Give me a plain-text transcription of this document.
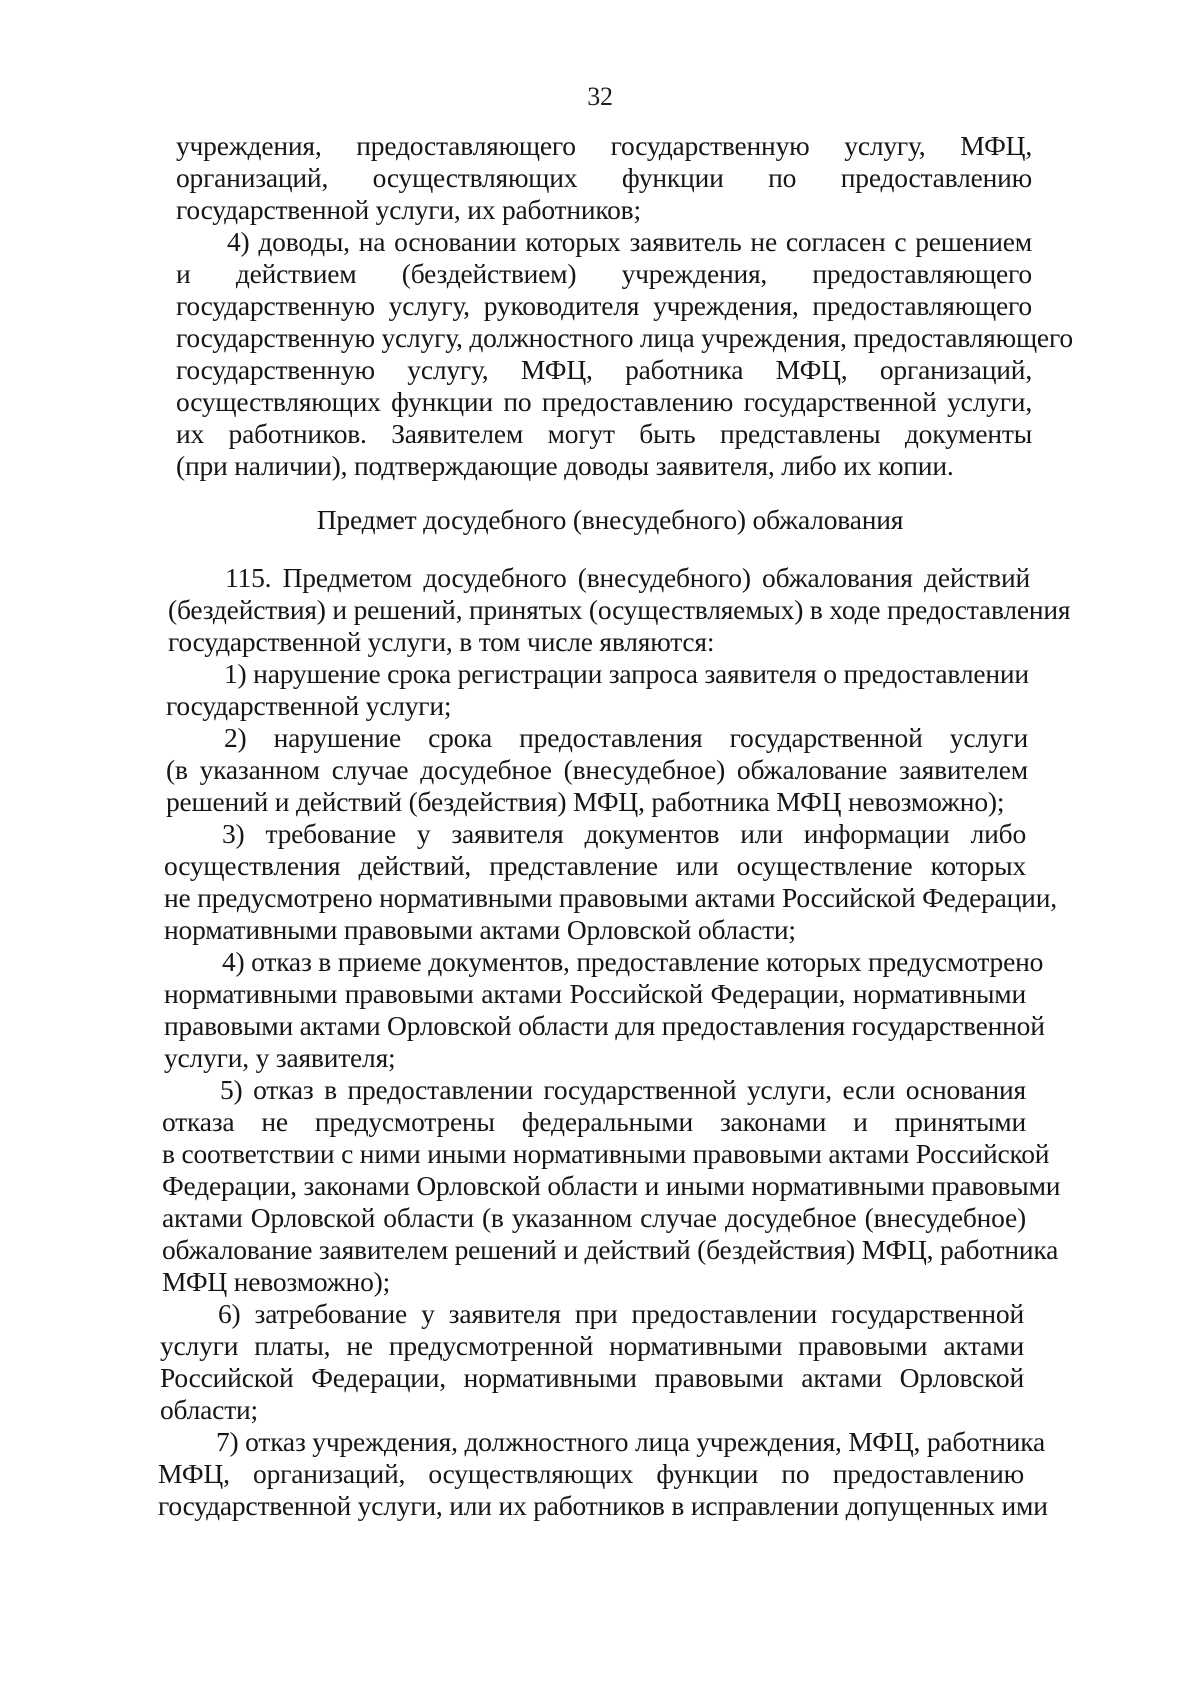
32
учреждения, предоставляющего государственную услугу, МФЦ,
организаций, осуществляющих функции по предоставлению
государственной услуги, их работников;
4) доводы, на основании которых заявитель не согласен с решением
и действием (бездействием) учреждения, предоставляющего
государственную услугу, руководителя учреждения, предоставляющего
государственную услугу, должностного лица учреждения, предоставляющего
государственную услугу, МФЦ, работника МФЦ, организаций,
осуществляющих функции по предоставлению государственной услуги,
их работников. Заявителем могут быть представлены документы
(при наличии), подтверждающие доводы заявителя, либо их копии.
Предмет досудебного (внесудебного) обжалования
115. Предметом досудебного (внесудебного) обжалования действий
(бездействия) и решений, принятых (осуществляемых) в ходе предоставления
государственной услуги, в том числе являются:
1) нарушение срока регистрации запроса заявителя о предоставлении
государственной услуги;
2) нарушение срока предоставления государственной услуги
(в указанном случае досудебное (внесудебное) обжалование заявителем
решений и действий (бездействия) МФЦ, работника МФЦ невозможно);
3) требование у заявителя документов или информации либо
осуществления действий, представление или осуществление которых
не предусмотрено нормативными правовыми актами Российской Федерации,
нормативными правовыми актами Орловской области;
4) отказ в приеме документов, предоставление которых предусмотрено
нормативными правовыми актами Российской Федерации, нормативными
правовыми актами Орловской области для предоставления государственной
услуги, у заявителя;
5) отказ в предоставлении государственной услуги, если основания
отказа не предусмотрены федеральными законами и принятыми
в соответствии с ними иными нормативными правовыми актами Российской
Федерации, законами Орловской области и иными нормативными правовыми
актами Орловской области (в указанном случае досудебное (внесудебное)
обжалование заявителем решений и действий (бездействия) МФЦ, работника
МФЦ невозможно);
6) затребование у заявителя при предоставлении государственной
услуги платы, не предусмотренной нормативными правовыми актами
Российской Федерации, нормативными правовыми актами Орловской
области;
7) отказ учреждения, должностного лица учреждения, МФЦ, работника
МФЦ, организаций, осуществляющих функции по предоставлению
государственной услуги, или их работников в исправлении допущенных ими
